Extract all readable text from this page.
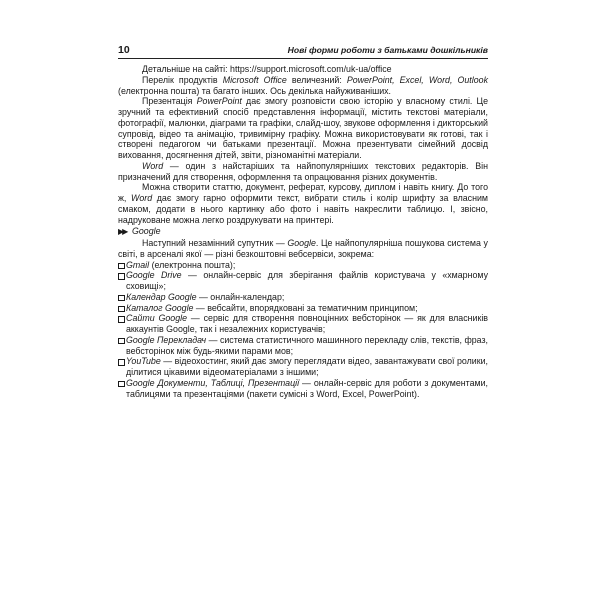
10	Нові форми роботи з батьками дошкільників

Детальніше на сайті: https://support.microsoft.com/uk-ua/office

Перелік продуктів Microsoft Office величезний: PowerPoint, Excel, Word, Outlook (електронна пошта) та багато інших. Ось декілька найуживаніших.

Презентація PowerPoint дає змогу розповісти свою історію у власному стилі. Це зручний та ефективний спосіб представлення інформації, містить текстові матеріали, фотографії, малюнки, діаграми та графіки, слайд-шоу, звукове оформлення і дикторський супровід, відео та анімацію, тривимірну графіку. Можна використовувати як готові, так і створені педагогом чи батьками презентації. Можна презентувати сімейний досвід виховання, досягнення дітей, звіти, різноманітні матеріали.

Word — один з найстаріших та найпопулярніших текстових редакторів. Він призначений для створення, оформлення та опрацювання різних документів.

Можна створити статтю, документ, реферат, курсову, диплом і навіть книгу. До того ж, Word дає змогу гарно оформити текст, вибрати стиль і колір шрифту за власним смаком, додати в нього картинку або фото і навіть накреслити таблицю. І, звісно, надруковане можна легко роздрукувати на принтері.

▶▶ Google

Наступний незамінний супутник — Google. Це найпопулярніша пошукова система у світі, в арсеналі якої — різні безкоштовні вебсервіси, зокрема:

Gmail (електронна пошта);
Google Drive — онлайн-сервіс для зберігання файлів користувача у «хмарному сховищі»;
Календар Google — онлайн-календар;
Каталог Google — вебсайти, впорядковані за тематичним принципом;
Сайти Google — сервіс для створення повноцінних вебсторінок — як для власників аккаунтів Google, так і незалежних користувачів;
Google Перекладач — система статистичного машинного перекладу слів, текстів, фраз, вебсторінок між будь-якими парами мов;
YouTube — відеохостинг, який дає змогу переглядати відео, завантажувати свої ролики, ділитися цікавими відеоматеріалами з іншими;
Google Документи, Таблиці, Презентації — онлайн-сервіс для роботи з документами, таблицями та презентаціями (пакети сумісні з Word, Excel, PowerPoint).
